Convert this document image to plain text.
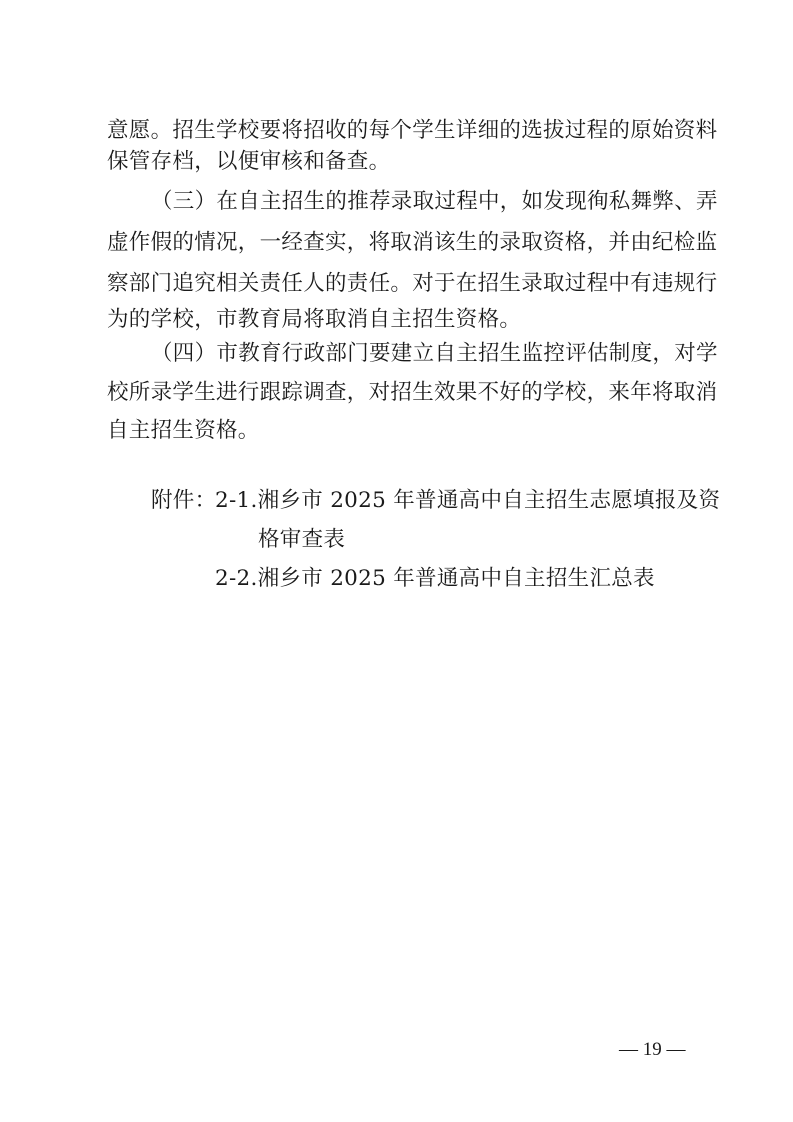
意愿。招生学校要将招收的每个学生详细的选拔过程的原始资料
保管存档，以便审核和备查。
（三）在自主招生的推荐录取过程中，如发现徇私舞弊、弄
虚作假的情况，一经查实，将取消该生的录取资格，并由纪检监
察部门追究相关责任人的责任。对于在招生录取过程中有违规行
为的学校，市教育局将取消自主招生资格。
（四）市教育行政部门要建立自主招生监控评估制度，对学
校所录学生进行跟踪调查，对招生效果不好的学校，来年将取消
自主招生资格。
附件：
2-1.湘乡市 2025 年普通高中自主招生志愿填报及资
格审查表
2-2.湘乡市 2025 年普通高中自主招生汇总表
— 19 —
